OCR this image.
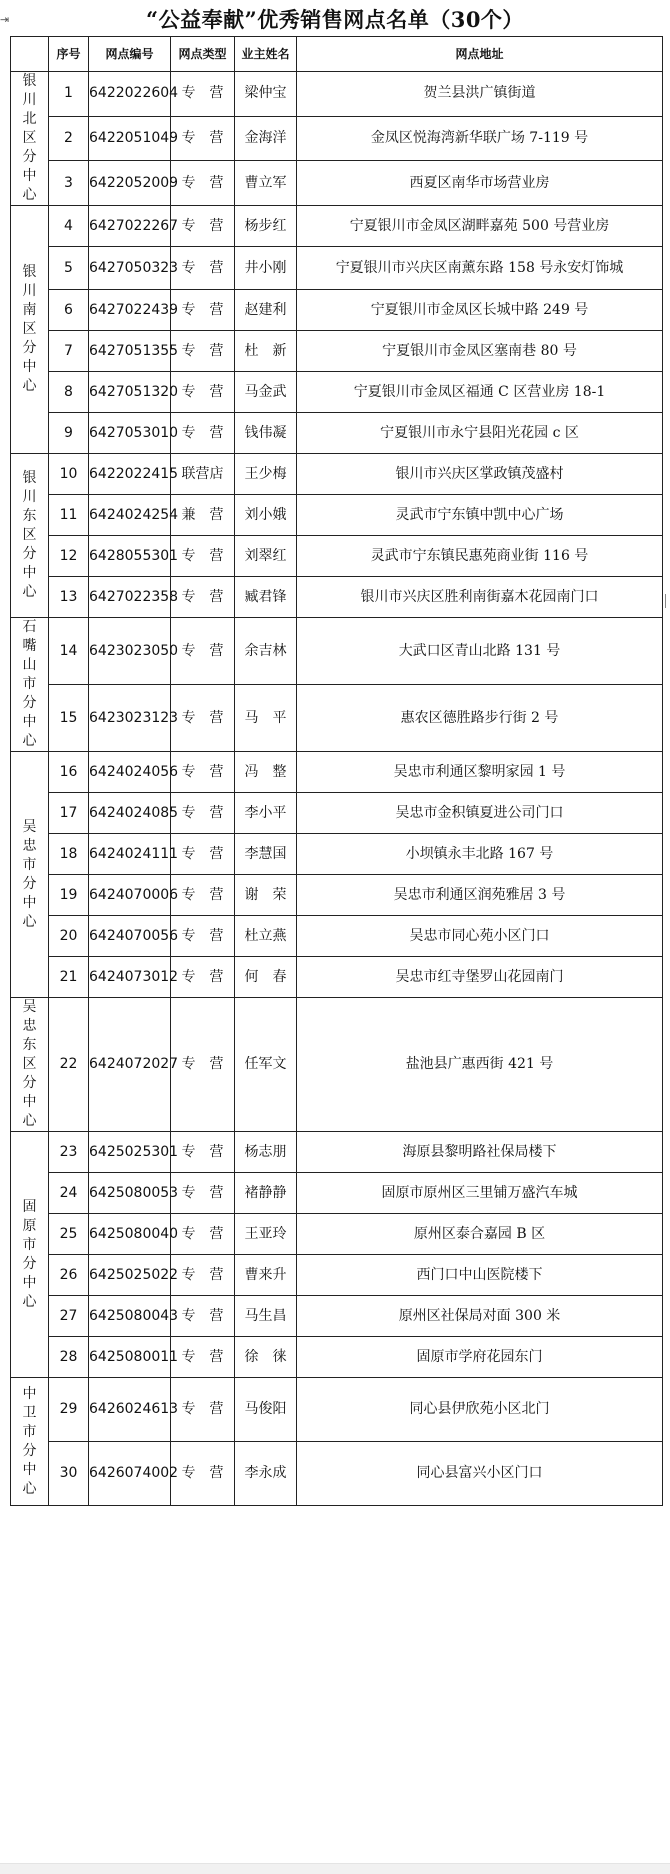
⇥	“公益奉献”优秀销售网点名单（30个）
	序号	网点编号	网点类型	业主姓名	网点地址

银川北区分中心	1	6422022604	专　营	梁仲宝	贺兰县洪广镇街道
	2	6422051049	专　营	金海洋	金凤区悦海湾新华联广场 7-119 号
	3	6422052009	专　营	曹立军	西夏区南华市场营业房

银川南区分中心	4	6427022267	专　营	杨步红	宁夏银川市金凤区湖畔嘉苑 500 号营业房
	5	6427050323	专　营	井小刚	宁夏银川市兴庆区南薰东路 158 号永安灯饰城
	6	6427022439	专　营	赵建利	宁夏银川市金凤区长城中路 249 号
	7	6427051355	专　营	杜　新	宁夏银川市金凤区塞南巷 80 号
	8	6427051320	专　营	马金武	宁夏银川市金凤区福通 C 区营业房 18-1
	9	6427053010	专　营	钱伟凝	宁夏银川市永宁县阳光花园 c 区

银川东区分中心	10	6422022415	联营店	王少梅	银川市兴庆区掌政镇茂盛村
	11	6424024254	兼　营	刘小娥	灵武市宁东镇中凯中心广场
	12	6428055301	专　营	刘翠红	灵武市宁东镇民惠苑商业街 116 号
	13	6427022358	专　营	臧君锋	银川市兴庆区胜利南街嘉木花园南门口

石嘴山市分中心	14	6423023050	专　营	余吉林	大武口区青山北路 131 号
	15	6423023123	专　营	马　平	惠农区德胜路步行街 2 号

吴忠市分中心	16	6424024056	专　营	冯　整	吴忠市利通区黎明家园 1 号
	17	6424024085	专　营	李小平	吴忠市金积镇夏进公司门口
	18	6424024111	专　营	李慧国	小坝镇永丰北路 167 号
	19	6424070006	专　营	谢　荣	吴忠市利通区润苑雅居 3 号
	20	6424070056	专　营	杜立燕	吴忠市同心苑小区门口
	21	6424073012	专　营	何　春	吴忠市红寺堡罗山花园南门

吴忠东区分中心	22	6424072027	专　营	任军文	盐池县广惠西街 421 号

固原市分中心	23	6425025301	专　营	杨志朋	海原县黎明路社保局楼下
	24	6425080053	专　营	褚静静	固原市原州区三里铺万盛汽车城
	25	6425080040	专　营	王亚玲	原州区泰合嘉园 B 区
	26	6425025022	专　营	曹来升	西门口中山医院楼下
	27	6425080043	专　营	马生昌	原州区社保局对面 300 米
	28	6425080011	专　营	徐　徕	固原市学府花园东门

中卫市分中心	29	6426024613	专　营	马俊阳	同心县伊欣苑小区北门
	30	6426074002	专　营	李永成	同心县富兴小区门口
